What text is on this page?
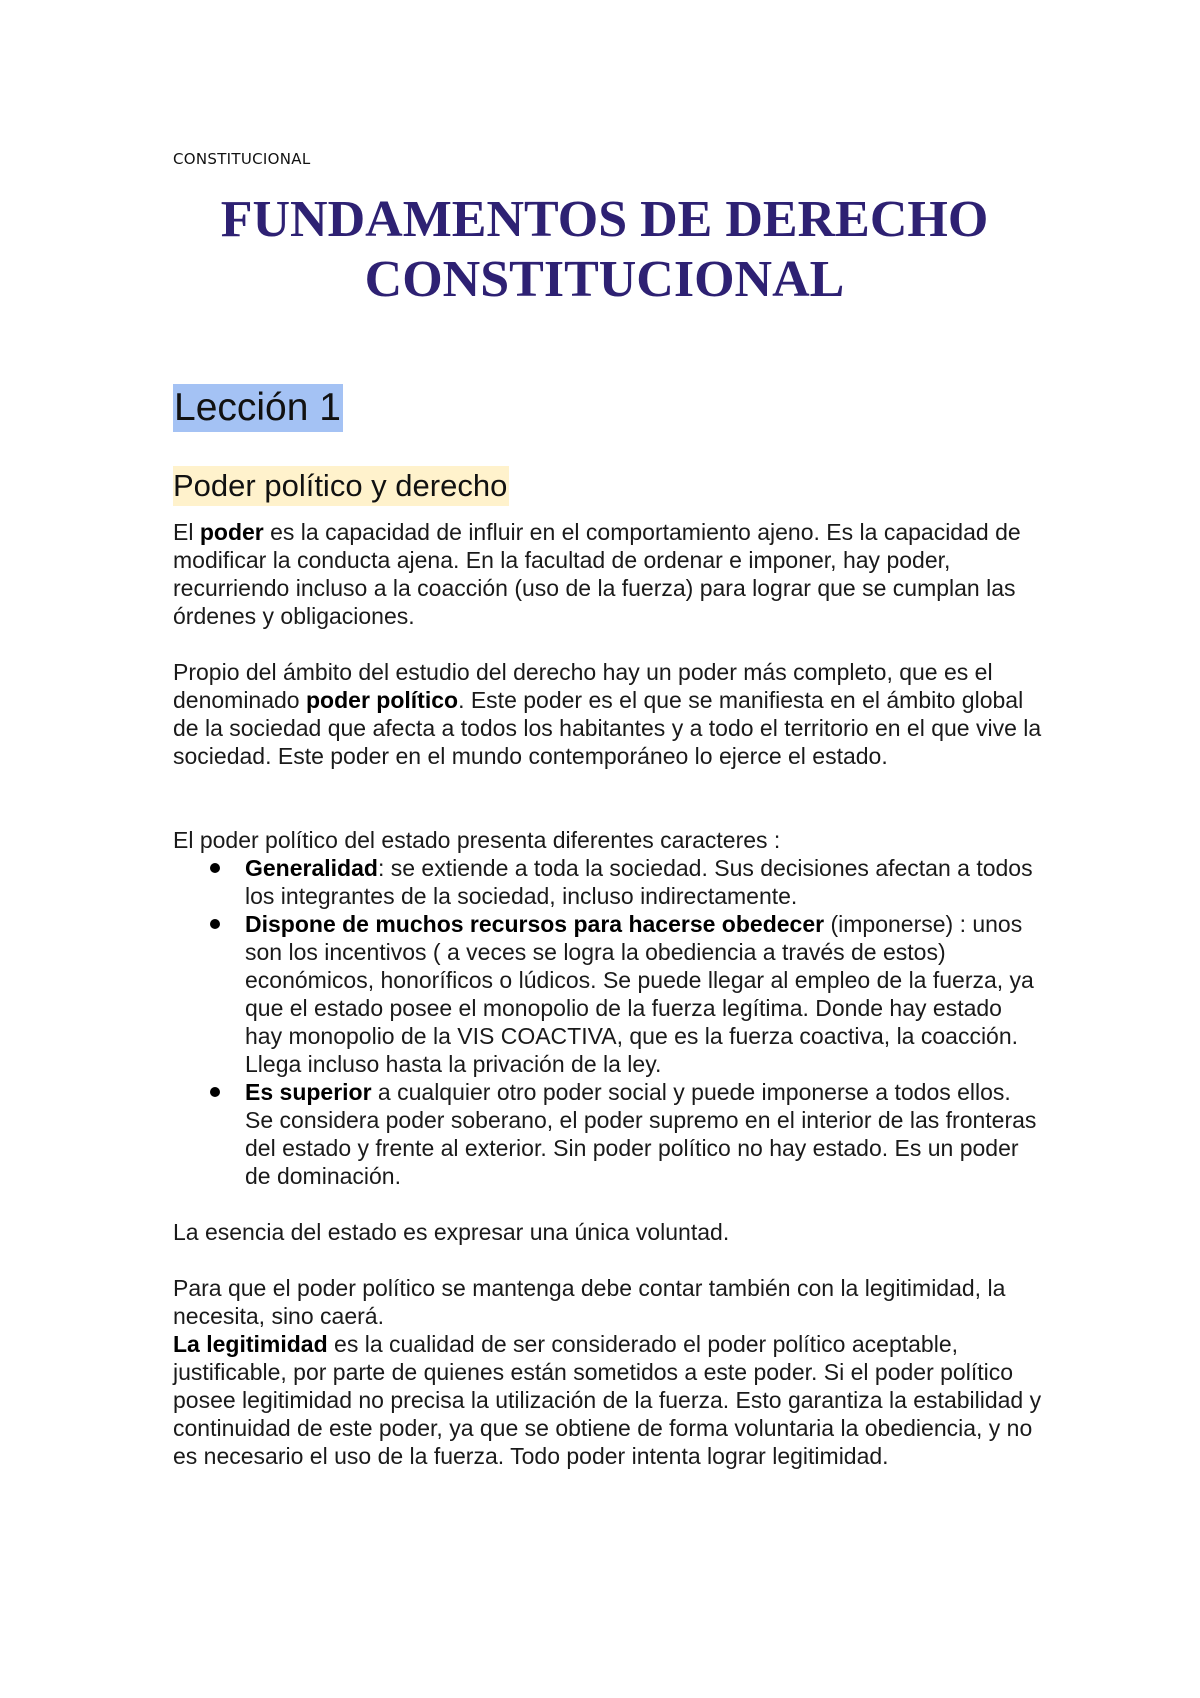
CONSTITUCIONAL
FUNDAMENTOS DE DERECHO
CONSTITUCIONAL
Lección 1
Poder político y derecho

El poder es la capacidad de influir en el comportamiento ajeno. Es la capacidad de modificar la conducta ajena. En la facultad de ordenar e imponer, hay poder, recurriendo incluso a la coacción (uso de la fuerza) para lograr que se cumplan las órdenes y obligaciones.

Propio del ámbito del estudio del derecho hay un poder más completo, que es el denominado poder político. Este poder es el que se manifiesta en el ámbito global de la sociedad que afecta a todos los habitantes y a todo el territorio en el que vive la sociedad. Este poder en el mundo contemporáneo lo ejerce el estado.

El poder político del estado presenta diferentes caracteres :

Generalidad: se extiende a toda la sociedad. Sus decisiones afectan a todos los integrantes de la sociedad, incluso indirectamente.
Dispone de muchos recursos para hacerse obedecer (imponerse) : unos son los incentivos ( a veces se logra la obediencia a través de estos) económicos, honoríficos o lúdicos. Se puede llegar al empleo de la fuerza, ya que el estado posee el monopolio de la fuerza legítima. Donde hay estado hay monopolio de la VIS COACTIVA, que es la fuerza coactiva, la coacción. Llega incluso hasta la privación de la ley.
Es superior a cualquier otro poder social y puede imponerse a todos ellos. Se considera poder soberano, el poder supremo en el interior de las fronteras del estado y frente al exterior. Sin poder político no hay estado. Es un poder de dominación.

La esencia del estado es expresar una única voluntad.

Para que el poder político se mantenga debe contar también con la legitimidad, la necesita, sino caerá.

La legitimidad es la cualidad de ser considerado el poder político aceptable, justificable, por parte de quienes están sometidos a este poder. Si el poder político posee legitimidad no precisa la utilización de la fuerza. Esto garantiza la estabilidad y continuidad de este poder, ya que se obtiene de forma voluntaria la obediencia, y no es necesario el uso de la fuerza. Todo poder intenta lograr legitimidad.
